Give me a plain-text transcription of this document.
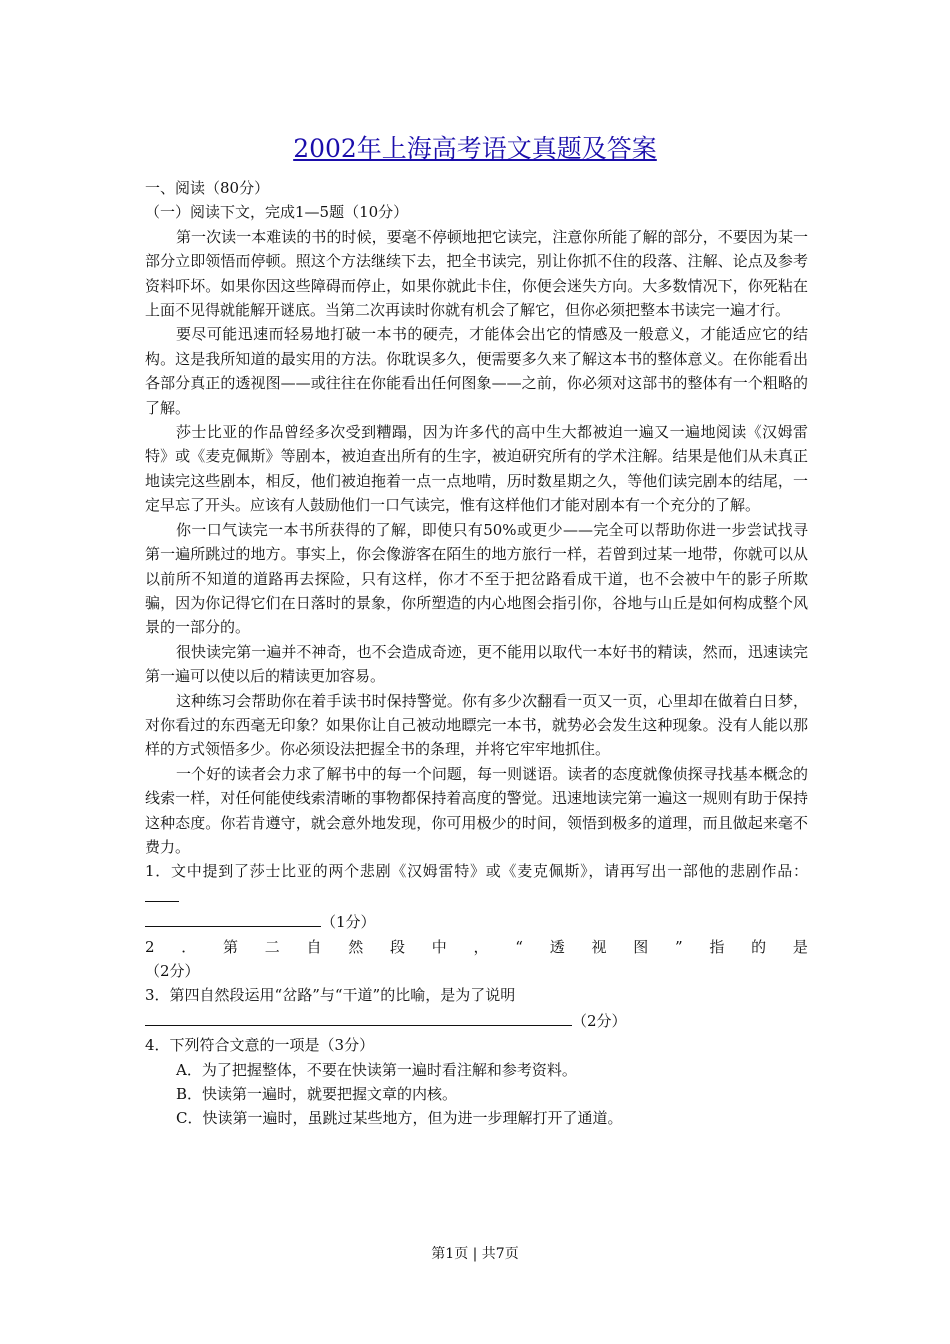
2002年上海高考语文真题及答案

一、阅读（80分）

（一）阅读下文，完成1—5题（10分）

第一次读一本难读的书的时候，要毫不停顿地把它读完，注意你所能了解的部分，不要因为某一部分立即领悟而停顿。照这个方法继续下去，把全书读完，别让你抓不住的段落、注解、论点及参考资料吓坏。如果你因这些障碍而停止，如果你就此卡住，你便会迷失方向。大多数情况下，你死粘在上面不见得就能解开谜底。当第二次再读时你就有机会了解它，但你必须把整本书读完一遍才行。

要尽可能迅速而轻易地打破一本书的硬壳，才能体会出它的情感及一般意义，才能适应它的结构。这是我所知道的最实用的方法。你耽误多久，便需要多久来了解这本书的整体意义。在你能看出各部分真正的透视图——或往往在你能看出任何图象——之前，你必须对这部书的整体有一个粗略的了解。

莎士比亚的作品曾经多次受到糟蹋，因为许多代的高中生大都被迫一遍又一遍地阅读《汉姆雷特》或《麦克佩斯》等剧本，被迫查出所有的生字，被迫研究所有的学术注解。结果是他们从未真正地读完这些剧本，相反，他们被迫拖着一点一点地啃，历时数星期之久，等他们读完剧本的结尾，一定早忘了开头。应该有人鼓励他们一口气读完，惟有这样他们才能对剧本有一个充分的了解。

你一口气读完一本书所获得的了解，即使只有50%或更少——完全可以帮助你进一步尝试找寻第一遍所跳过的地方。事实上，你会像游客在陌生的地方旅行一样，若曾到过某一地带，你就可以从以前所不知道的道路再去探险，只有这样，你才不至于把岔路看成干道，也不会被中午的影子所欺骗，因为你记得它们在日落时的景象，你所塑造的内心地图会指引你，谷地与山丘是如何构成整个风景的一部分的。

很快读完第一遍并不神奇，也不会造成奇迹，更不能用以取代一本好书的精读，然而，迅速读完第一遍可以使以后的精读更加容易。

这种练习会帮助你在着手读书时保持警觉。你有多少次翻看一页又一页，心里却在做着白日梦，对你看过的东西毫无印象？如果你让自己被动地瞟完一本书，就势必会发生这种现象。没有人能以那样的方式领悟多少。你必须设法把握全书的条理，并将它牢牢地抓住。

一个好的读者会力求了解书中的每一个问题，每一则谜语。读者的态度就像侦探寻找基本概念的线索一样，对任何能使线索清晰的事物都保持着高度的警觉。迅速地读完第一遍这一规则有助于保持这种态度。你若肯遵守，就会意外地发现，你可用极少的时间，领悟到极多的道理，而且做起来毫不费力。

1．文中提到了莎士比亚的两个悲剧《汉姆雷特》或《麦克佩斯》，请再写出一部他的悲剧作品：

（1分）

2 ． 第 二 自 然 段 中 ， “ 透 视 图 ” 指 的 是

（2分）

3．第四自然段运用“岔路”与“干道”的比喻，是为了说明

（2分）

4．下列符合文意的一项是（3分）

A．为了把握整体，不要在快读第一遍时看注解和参考资料。

B．快读第一遍时，就要把握文章的内核。

C．快读第一遍时，虽跳过某些地方，但为进一步理解打开了通道。

第1页 | 共7页
